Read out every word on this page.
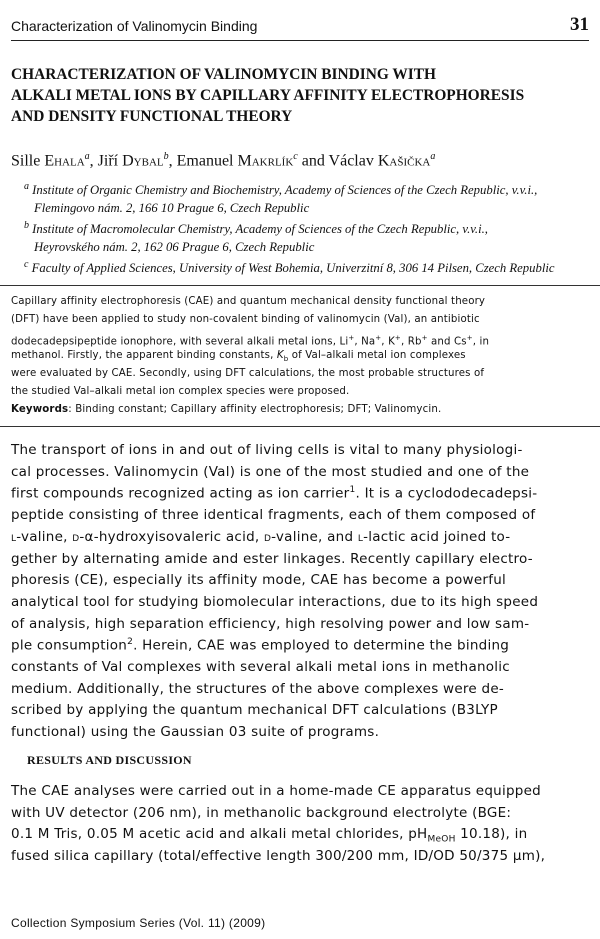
Characterization of Valinomycin Binding	31
CHARACTERIZATION OF VALINOMYCIN BINDING WITH
ALKALI METAL IONS BY CAPILLARY AFFINITY ELECTROPHORESIS
AND DENSITY FUNCTIONAL THEORY

Sille Ehala$^a$, Jiří Dybal$^b$, Emanuel Makrlík$^c$ and Václav Kašička$^a$

$^a$ Institute of Organic Chemistry and Biochemistry, Academy of Sciences of the Czech Republic, v.v.i.,
Flemingovo nám. 2, 166 10 Prague 6, Czech Republic

$^b$ Institute of Macromolecular Chemistry, Academy of Sciences of the Czech Republic, v.v.i.,
Heyrovského nám. 2, 162 06 Prague 6, Czech Republic

$^c$ Faculty of Applied Sciences, University of West Bohemia, Univerzitní 8, 306 14 Pilsen, Czech Republic

Capillary affinity electrophoresis (CAE) and quantum mechanical density functional theory
(DFT) have been applied to study non-covalent binding of valinomycin (Val), an antibiotic
dodecadepsipeptide ionophore, with several alkali metal ions, Li+, Na+, K+, Rb+ and Cs+, in
methanol. Firstly, the apparent binding constants, $K_b$ of Val–alkali metal ion complexes
were evaluated by CAE. Secondly, using DFT calculations, the most probable structures of
the studied Val–alkali metal ion complex species were proposed.
Keywords: Binding constant; Capillary affinity electrophoresis; DFT; Valinomycin.
The transport of ions in and out of living cells is vital to many physiologi-
cal processes. Valinomycin (Val) is one of the most studied and one of the
first compounds recognized acting as ion carrier$^1$. It is a cyclododecadepsi-
peptide consisting of three identical fragments, each of them composed of
l-valine, d-α-hydroxyisovaleric acid, d-valine, and l-lactic acid joined to-
gether by alternating amide and ester linkages. Recently capillary electro-
phoresis (CE), especially its affinity mode, CAE has become a powerful
analytical tool for studying biomolecular interactions, due to its high speed
of analysis, high separation efficiency, high resolving power and low sam-
ple consumption$^2$. Herein, CAE was employed to determine the binding
constants of Val complexes with several alkali metal ions in methanolic
medium. Additionally, the structures of the above complexes were de-
scribed by applying the quantum mechanical DFT calculations (B3LYP
functional) using the Gaussian 03 suite of programs.
RESULTS AND DISCUSSION
The CAE analyses were carried out in a home-made CE apparatus equipped
with UV detector (206 nm), in methanolic background electrolyte (BGE:
0.1 M Tris, 0.05 M acetic acid and alkali metal chlorides, $pH_{MeOH}$ 10.18), in
fused silica capillary (total/effective length 300/200 mm, ID/OD 50/375 μm),
Collection Symposium Series (Vol. 11) (2009)
